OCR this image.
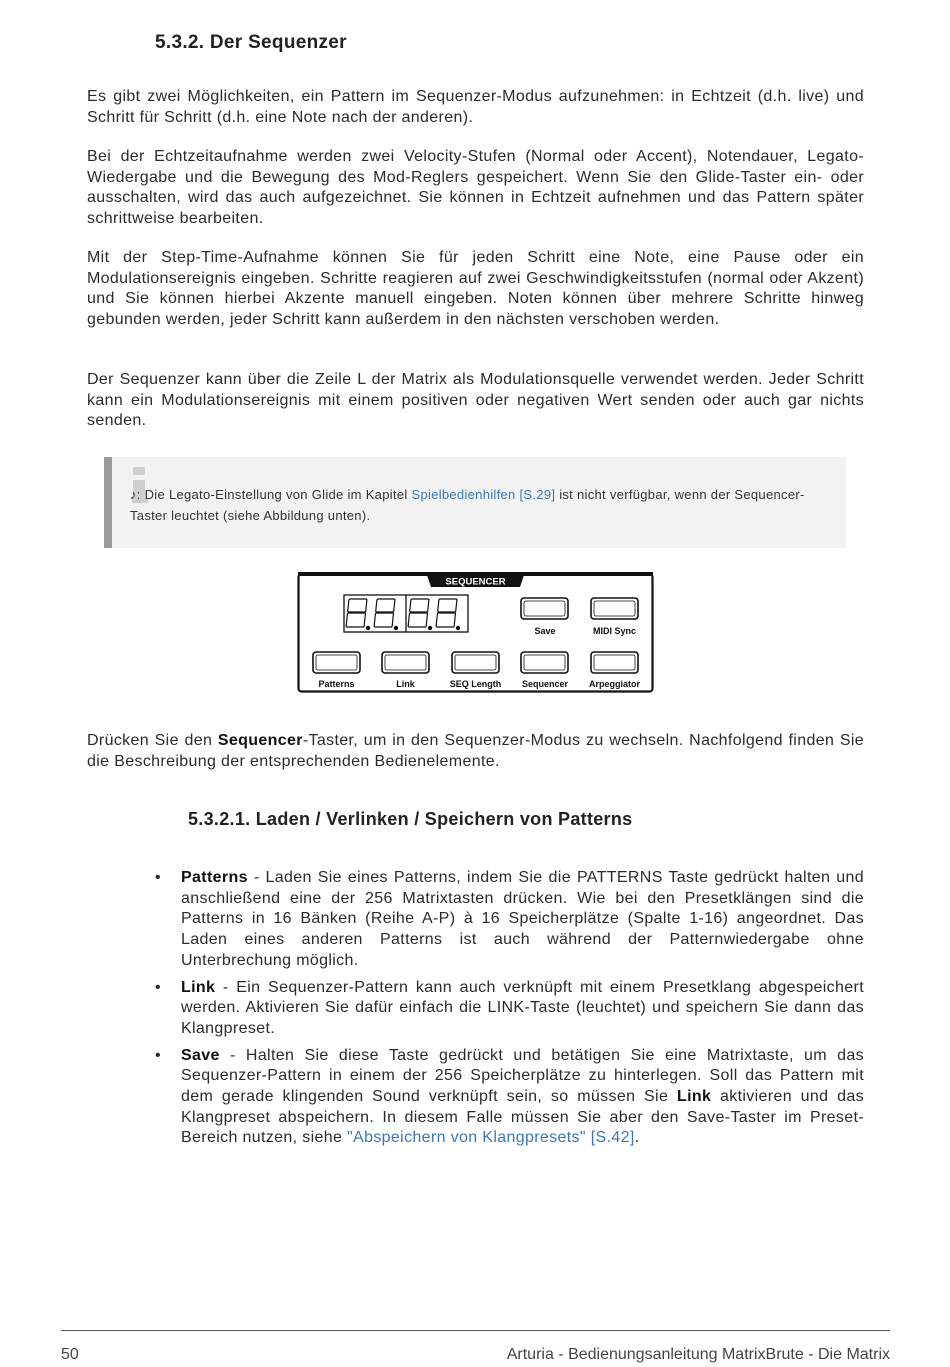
5.3.2. Der Sequenzer

Es gibt zwei Möglichkeiten, ein Pattern im Sequenzer-Modus aufzunehmen: in Echtzeit (d.h. live) und Schritt für Schritt (d.h. eine Note nach der anderen).

Bei der Echtzeitaufnahme werden zwei Velocity-Stufen (Normal oder Accent), Notendauer, Legato-Wiedergabe und die Bewegung des Mod-Reglers gespeichert. Wenn Sie den Glide-Taster ein- oder ausschalten, wird das auch aufgezeichnet. Sie können in Echtzeit aufnehmen und das Pattern später schrittweise bearbeiten.

Mit der Step-Time-Aufnahme können Sie für jeden Schritt eine Note, eine Pause oder ein Modulationsereignis eingeben. Schritte reagieren auf zwei Geschwindigkeitsstufen (normal oder Akzent) und Sie können hierbei Akzente manuell eingeben. Noten können über mehrere Schritte hinweg gebunden werden, jeder Schritt kann außerdem in den nächsten verschoben werden.

Der Sequenzer kann über die Zeile L der Matrix als Modulationsquelle verwendet werden. Jeder Schritt kann ein Modulationsereignis mit einem positiven oder negativen Wert senden oder auch gar nichts senden.

♪: Die Legato-Einstellung von Glide im Kapitel Spielbedienhilfen [S.29] ist nicht verfügbar, wenn der Sequencer-Taster leuchtet (siehe Abbildung unten).

SEQUENCER
Save	MIDI Sync
Patterns	Link	SEQ Length Sequencer Arpeggiator

Drücken Sie den Sequencer-Taster, um in den Sequenzer-Modus zu wechseln. Nachfolgend finden Sie die Beschreibung der entsprechenden Bedienelemente.

5.3.2.1. Laden / Verlinken / Speichern von Patterns
• Patterns - Laden Sie eines Patterns, indem Sie die PATTERNS Taste gedrückt halten und anschließend eine der 256 Matrixtasten drücken. Wie bei den Presetklängen sind die Patterns in 16 Bänken (Reihe A-P) à 16 Speicherplätze (Spalte 1-16) angeordnet. Das Laden eines anderen Patterns ist auch während der Patternwiedergabe ohne Unterbrechung möglich.
• Link - Ein Sequenzer-Pattern kann auch verknüpft mit einem Presetklang abgespeichert werden. Aktivieren Sie dafür einfach die LINK-Taste (leuchtet) und speichern Sie dann das Klangpreset.
• Save - Halten Sie diese Taste gedrückt und betätigen Sie eine Matrixtaste, um das Sequenzer-Pattern in einem der 256 Speicherplätze zu hinterlegen. Soll das Pattern mit dem gerade klingenden Sound verknüpft sein, so müssen Sie Link aktivieren und das Klangpreset abspeichern. In diesem Falle müssen Sie aber den Save-Taster im Preset-Bereich nutzen, siehe "Abspeichern von Klangpresets" [S.42].
50	Arturia - Bedienungsanleitung MatrixBrute - Die Matrix
